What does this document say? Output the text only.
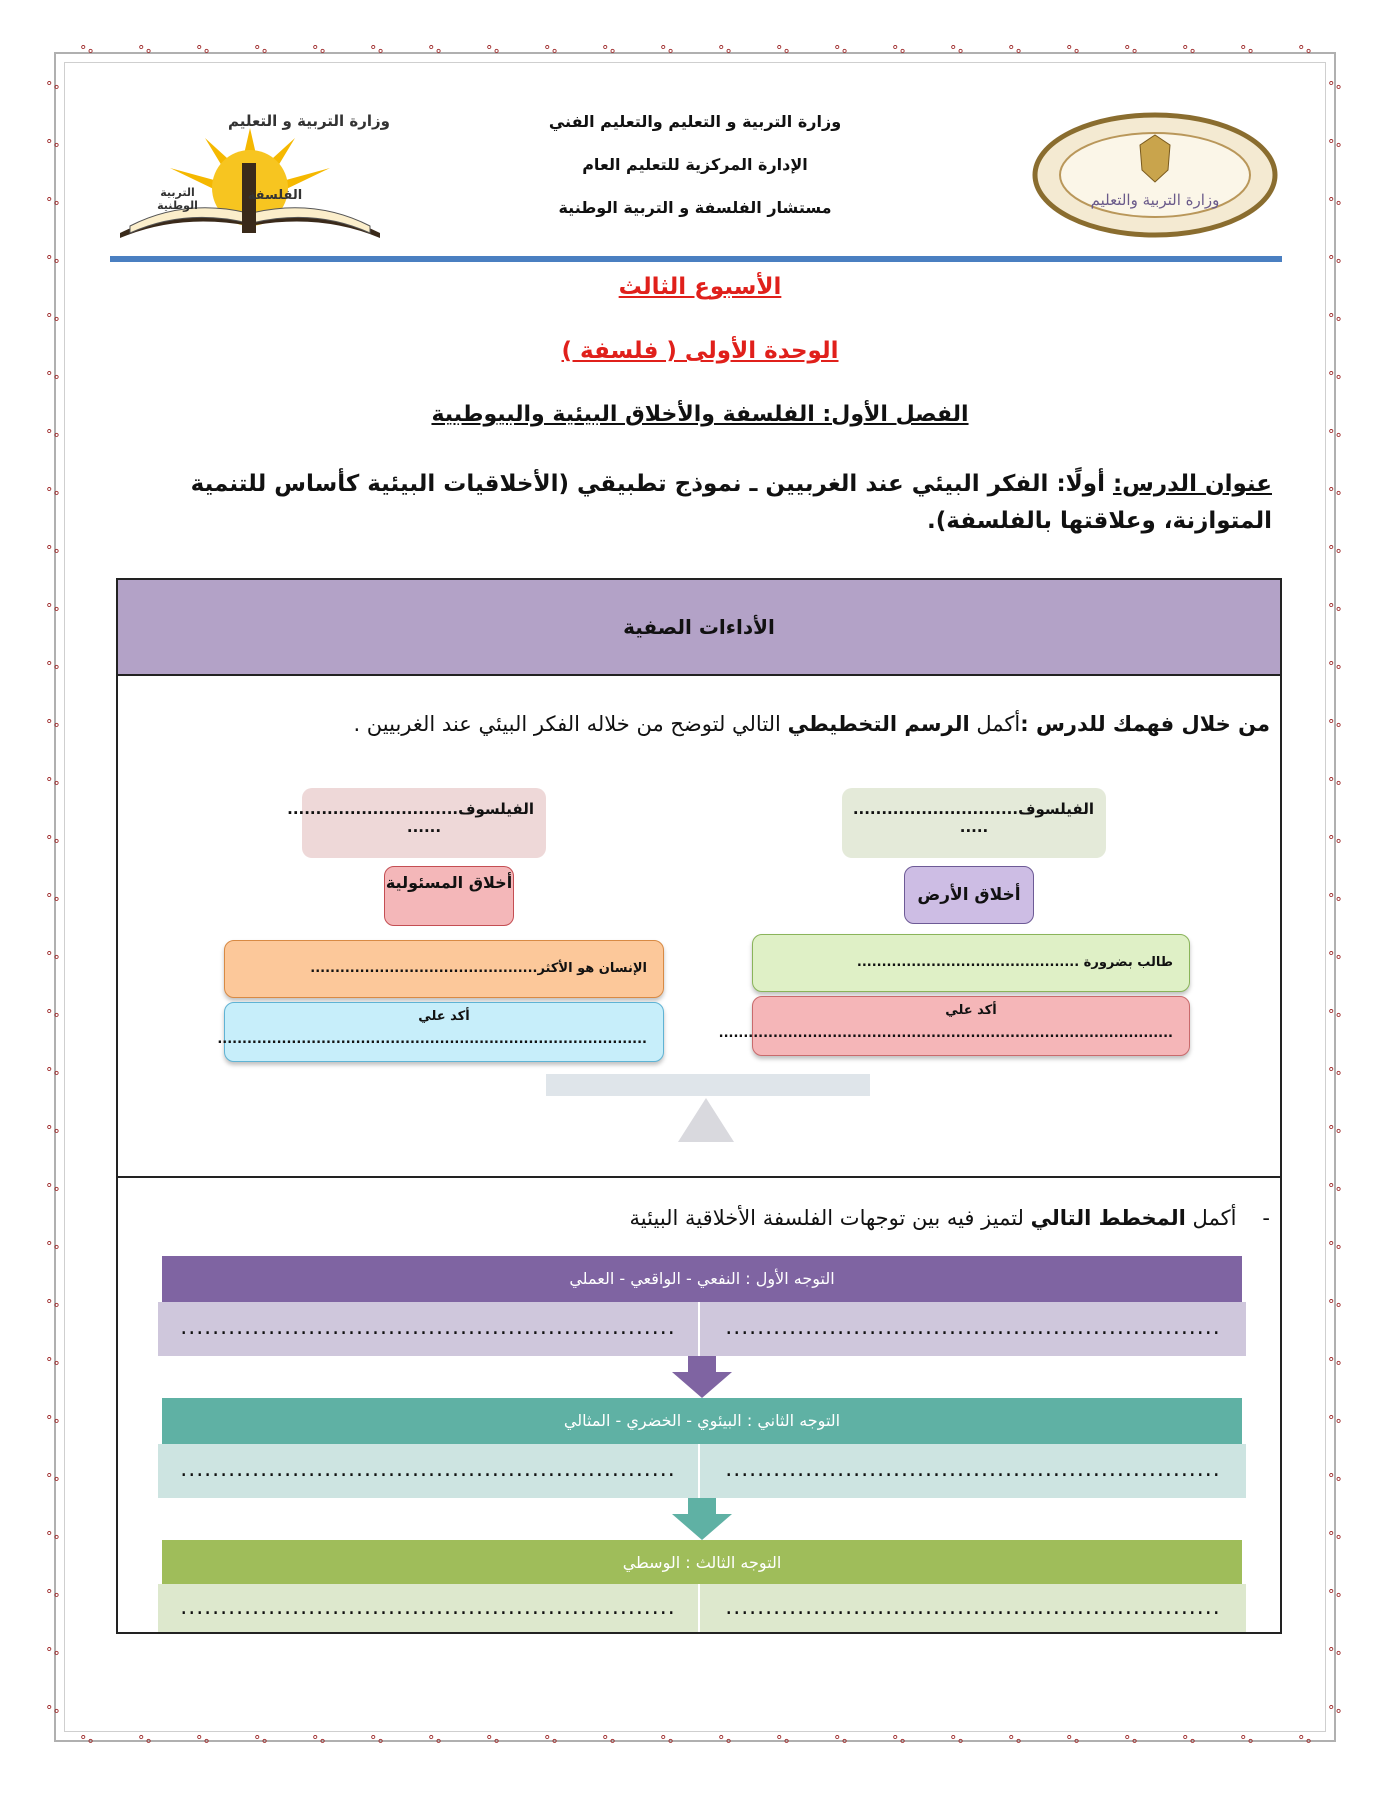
°∘
°∘
°∘
°∘
°∘
°∘
°∘
°∘
°∘
°∘
°∘
°∘
°∘
°∘
°∘
°∘
°∘
°∘
°∘
°∘
°∘
°∘
°∘
°∘
°∘
°∘
°∘
°∘
°∘
°∘
°∘
°∘
°∘
°∘
°∘
°∘
°∘
°∘
°∘
°∘
°∘
°∘
°∘
°∘
°∘	°∘
°∘	°∘
°∘	°∘
°∘	°∘
°∘	°∘
°∘	°∘
°∘	°∘
°∘	°∘
°∘	°∘
°∘	°∘
°∘	°∘
°∘	°∘
°∘	°∘
°∘	°∘
°∘	°∘
°∘	°∘
°∘	°∘
°∘	°∘
°∘	°∘
°∘	°∘
°∘	°∘
°∘	°∘
°∘	°∘
°∘	°∘
°∘	°∘
°∘	°∘
°∘	°∘
°∘	°∘
°∘	°∘
وزارة التربية والتعليم
وزارة التربية و التعليم والتعليم الفني
الإدارة المركزية للتعليم العام
مستشار الفلسفة و التربية الوطنية
وزارة التربية و التعليم
الفلسفة
التربية الوطنية
الأسبوع الثالث
الوحدة الأولى ( فلسفة )
الفصل الأول: الفلسفة والأخلاق البيئية والبيوطبية
عنوان الدرس: أولًا: الفكر البيئي عند الغربيين ـ نموذج تطبيقي (الأخلاقيات البيئية كأساس للتنمية المتوازنة، وعلاقتها بالفلسفة).
الأداءات الصفية
من خلال فهمك للدرس :أكمل الرسم التخطيطي التالي لتوضح من خلاله الفكر البيئي عند الغربيين .
الفيلسوف.............................
.....
أخلاق الأرض
طالب بضرورة .............................................
أكد علي
............................................................................................
الفيلسوف..............................
......
أخلاق المسئولية
الإنسان هو الأكثر..............................................
أكد علي
.......................................................................................
-أكمل المخطط التالي لتميز فيه بين توجهات الفلسفة الأخلاقية البيئية
التوجه الأول : النفعي - الواقعي - العملي
..............................................................
..............................................................
التوجه الثاني : البيئوي - الخضري - المثالي
..............................................................
..............................................................
التوجه الثالث : الوسطي
..............................................................
..............................................................
